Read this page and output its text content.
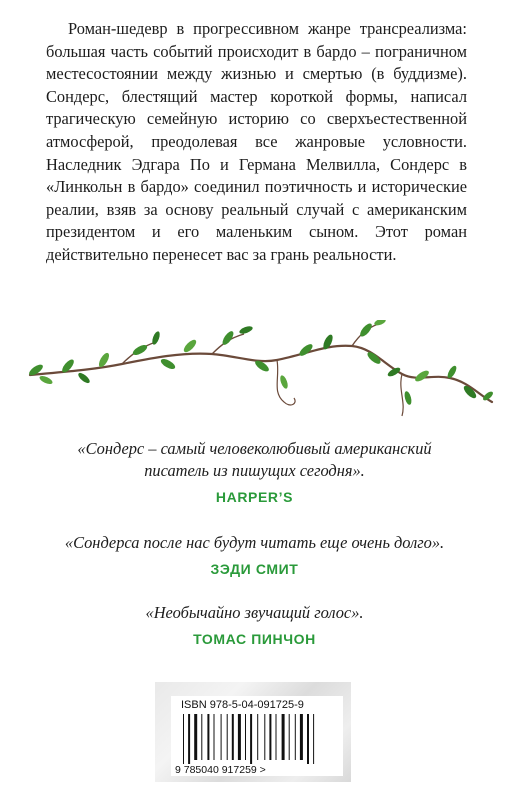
Роман-шедевр в прогрессивном жанре трансреализма: большая часть событий происходит в бардо – пограничном местесостоянии между жизнью и смертью (в буддизме). Сондерс, блестящий мастер короткой формы, написал трагическую семейную историю со сверхъестественной атмосферой, преодолевая все жанровые условности. Наследник Эдгара По и Германа Мелвилла, Сондерс в «Линкольн в бардо» соединил поэтичность и исторические реалии, взяв за основу реальный случай с американским президентом и его маленьким сыном. Этот роман действительно перенесет вас за грань реальности.

«Сондерс – самый человеколюбивый американский

писатель из пишущих сегодня».

HARPER’S

«Сондерса после нас будут читать еще очень долго».

ЗЭДИ СМИТ

«Необычайно звучащий голос».

ТОМАС ПИНЧОН
ISBN 978-5-04-091725-9
9 785040 917259 >
